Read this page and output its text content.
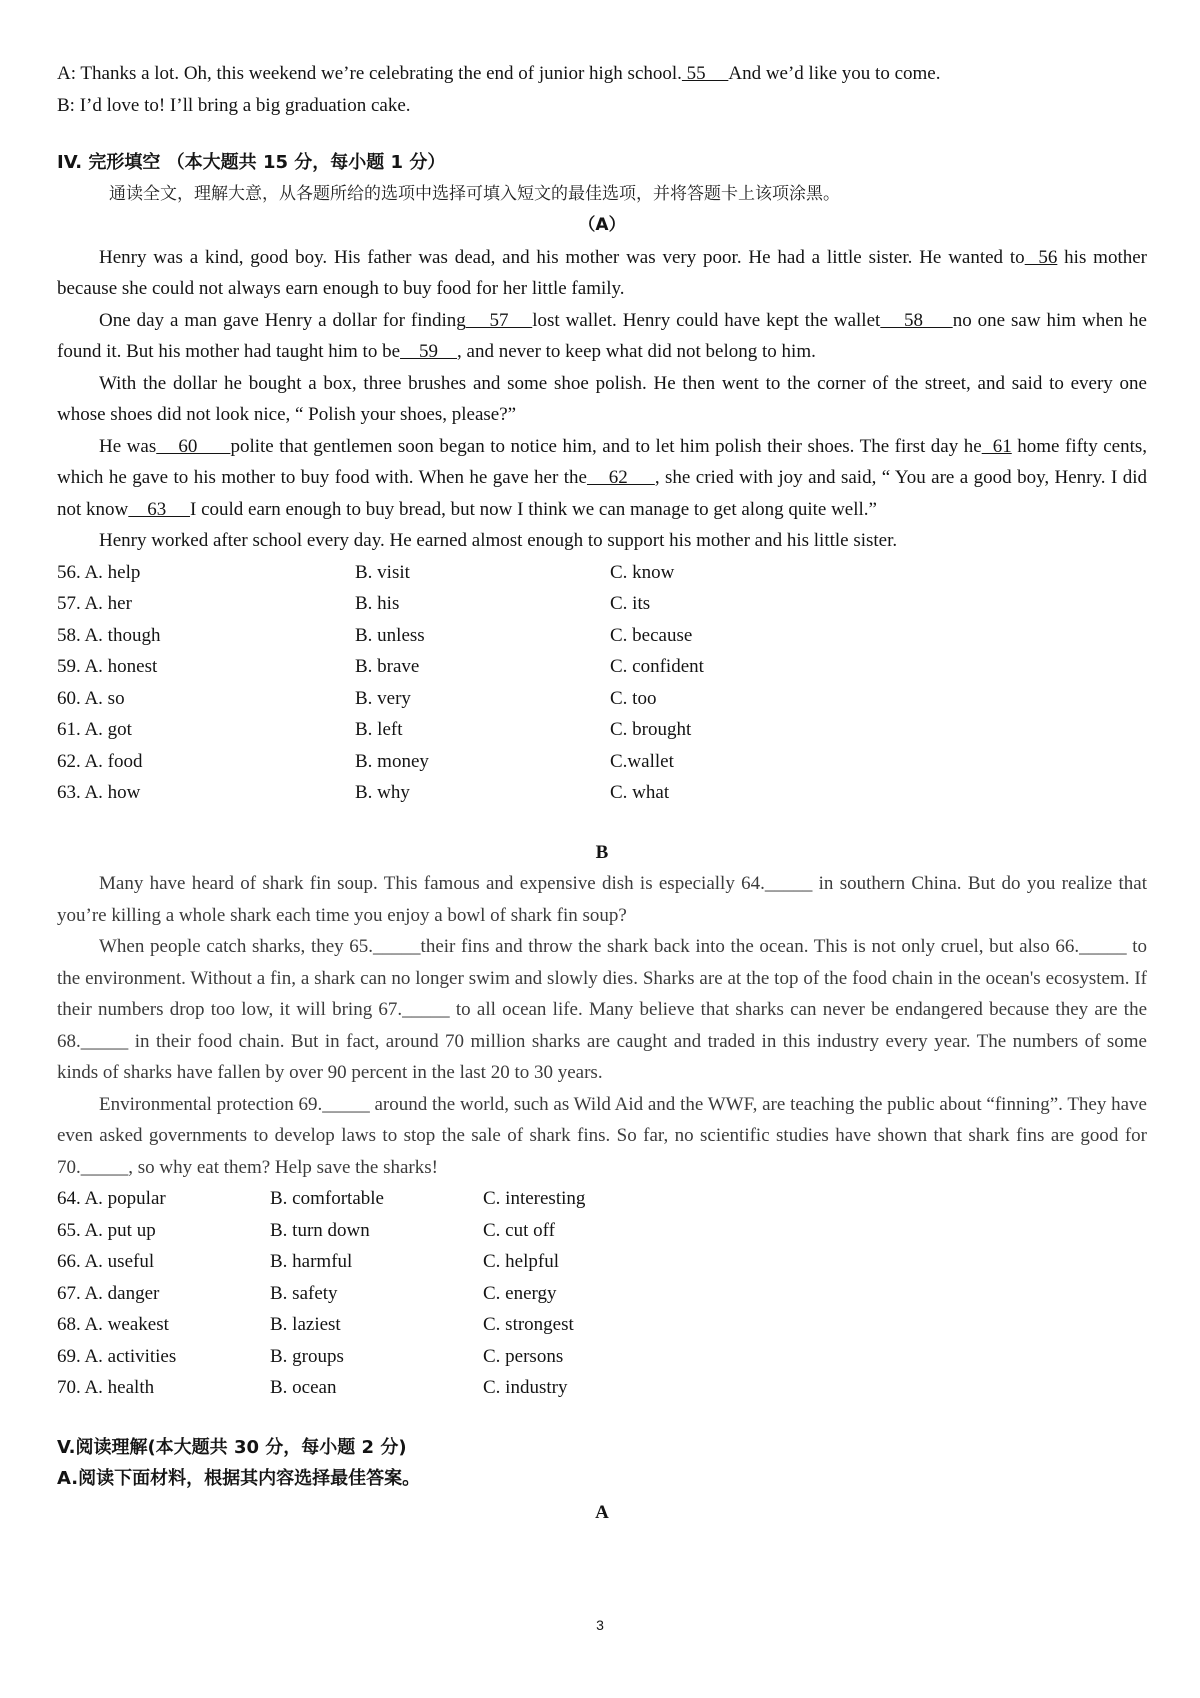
A: Thanks a lot. Oh, this weekend we’re celebrating the end of junior high school. 55     And we’d like you to come.
B: I’d love to! I’ll bring a big graduation cake.
IV. 完形填空 （本大题共 15 分，每小题 1 分）
通读全文，理解大意，从各题所给的选项中选择可填入短文的最佳选项，并将答题卡上该项涂黑。
（A）

Henry was a kind, good boy. His father was dead, and his mother was very poor. He had a little sister. He wanted to  56 his mother because she could not always earn enough to buy food for her little family.

One day a man gave Henry a dollar for finding    57    lost wallet. Henry could have kept the wallet    58     no one saw him when he found it. But his mother had taught him to be    59    , and never to keep what did not belong to him.

With the dollar he bought a box, three brushes and some shoe polish. He then went to the corner of the street, and said to every one whose shoes did not look nice, “ Polish your shoes, please?”

He was    60      polite that gentlemen soon began to notice him, and to let him polish their shoes. The first day he  61 home fifty cents, which he gave to his mother to buy food with. When he gave her the    62     , she cried with joy and said, “ You are a good boy, Henry. I did not know    63     I could earn enough to buy bread, but now I think we can manage to get along quite well.”

Henry worked after school every day. He earned almost enough to support his mother and his little sister.

56. A. help	B. visit	C. know
57. A. her	B. his	C. its
58. A. though	B. unless	C. because
59. A. honest	B. brave	C. confident
60. A. so	B. very	C. too
61. A. got	B. left	C. brought
62. A. food	B. money	C.wallet
63. A. how	B. why	C. what
B

Many have heard of shark fin soup. This famous and expensive dish is especially 64._____ in southern China. But do you realize that you’re killing a whole shark each time you enjoy a bowl of shark fin soup?

When people catch sharks, they 65._____their fins and throw the shark back into the ocean. This is not only cruel, but also 66._____ to the environment. Without a fin, a shark can no longer swim and slowly dies. Sharks are at the top of the food chain in the ocean's ecosystem. If their numbers drop too low, it will bring 67._____ to all ocean life. Many believe that sharks can never be endangered because they are the 68._____ in their food chain. But in fact, around 70 million sharks are caught and traded in this industry every year. The numbers of some kinds of sharks have fallen by over 90 percent in the last 20 to 30 years.

Environmental protection 69._____ around the world, such as Wild Aid and the WWF, are teaching the public about “finning”. They have even asked governments to develop laws to stop the sale of shark fins. So far, no scientific studies have shown that shark fins are good for 70._____, so why eat them? Help save the sharks!

64. A. popular	B. comfortable	C. interesting
65. A. put up	B. turn down	C. cut off
66. A. useful	B. harmful	C. helpful
67. A. danger	B. safety	C. energy
68. A. weakest	B. laziest	C. strongest
69. A. activities	B. groups	C. persons
70. A. health	B. ocean	C. industry
V.阅读理解(本大题共 30 分，每小题 2 分)
A.阅读下面材料，根据其内容选择最佳答案。
A
3
